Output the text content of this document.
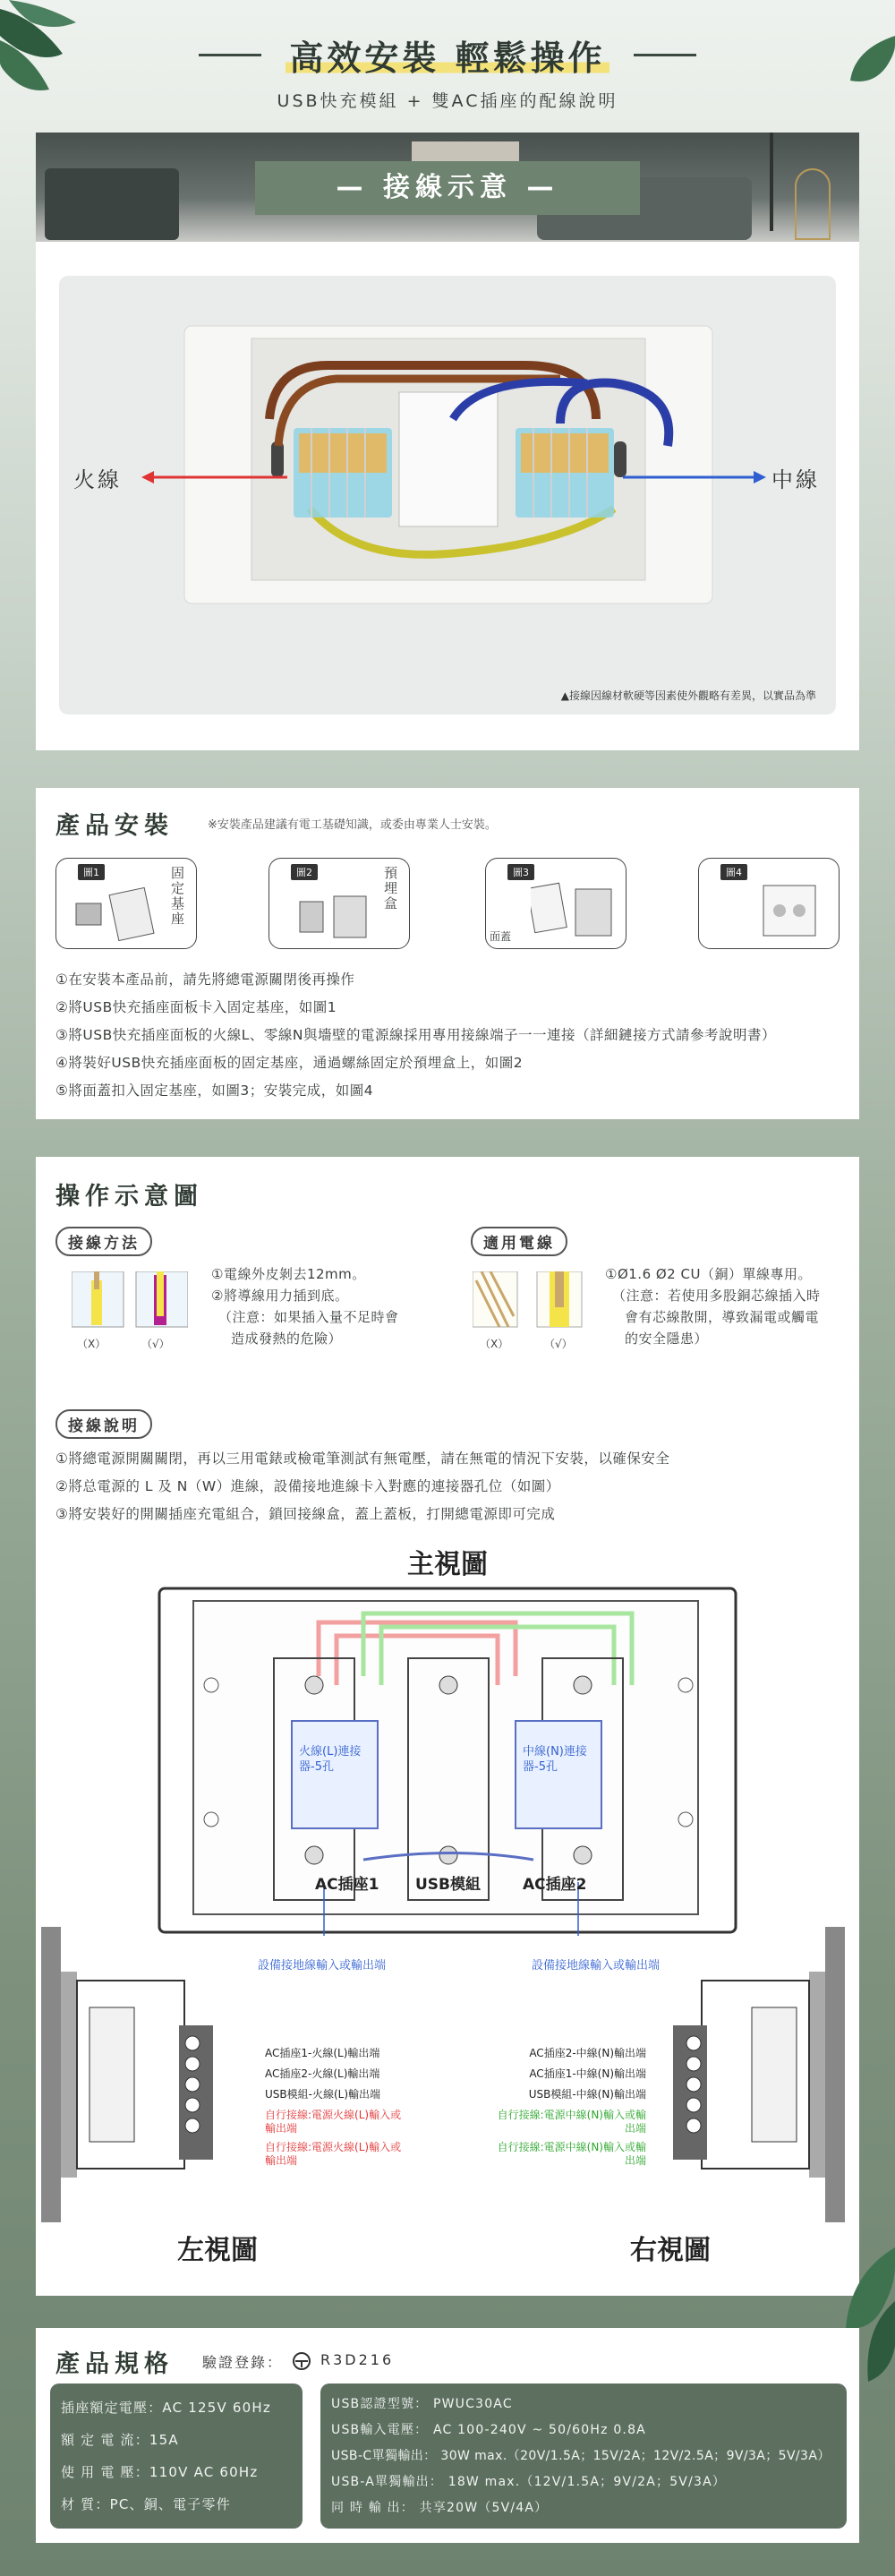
高效安裝 輕鬆操作
USB快充模組 + 雙AC插座的配線說明
— 接線示意 —
火線	中線
▲接線因線材軟硬等因素使外觀略有差異，以實品為準
產品安裝	※安裝產品建議有電工基礎知識，或委由專業人士安裝。
圖1	固定基座
圖2	預埋盒
圖3
面蓋
圖4
①在安裝本產品前，請先將總電源關閉後再操作
②將USB快充插座面板卡入固定基座，如圖1
③將USB快充插座面板的火線L、零線N與墻壁的電源線採用專用接線端子一一連接（詳細鏈接方式請參考說明書）
④將裝好USB快充插座面板的固定基座，通過螺絲固定於預埋盒上，如圖2
⑤將面蓋扣入固定基座，如圖3；安裝完成，如圖4
操作示意圖
接線方法
（X）	（√）
①電線外皮剝去12mm。
②將導線用力插到底。
（注意：如果插入量不足時會
造成發熱的危險）
適用電線
（X）	（√）
①Ø1.6 Ø2 CU（銅）單線專用。
（注意：若使用多股銅芯線插入時
會有芯線散開，導致漏電或觸電
的安全隱患）
接線說明
①將總電源開關關閉，再以三用電錶或檢電筆測試有無電壓，請在無電的情況下安裝，以確保安全
②將总電源的 L 及 N（W）進線，設備接地進線卡入對應的連接器孔位（如圖）
③將安裝好的開關插座充電組合，鎖回接線盒，蓋上蓋板，打開總電源即可完成
主視圖
火線(L)連接器-5孔
中線(N)連接器-5孔
AC插座1 USB模組	AC插座2
設備接地線輸入或輸出端	設備接地線輸入或輸出端
AC插座1-火線(L)輸出端
AC插座2-火線(L)輸出端
USB模組-火線(L)輸出端
自行接線:電源火線(L)輸入或輸出端
自行接線:電源火線(L)輸入或輸出端
AC插座2-中線(N)輸出端
AC插座1-中線(N)輸出端
USB模組-中線(N)輸出端
自行接線:電源中線(N)輸入或輸出端
自行接線:電源中線(N)輸入或輸出端
左視圖	右視圖
產品規格 驗證登錄：	R3D216
插座額定電壓：AC 125V 60Hz
額 定 電 流：15A
使 用 電 壓：110V AC 60Hz
材 質：PC、銅、電子零件
USB認證型號： PWUC30AC
USB輸入電壓： AC 100-240V ~ 50/60Hz 0.8A
USB-C單獨輸出： 30W max.（20V/1.5A；15V/2A；12V/2.5A；9V/3A；5V/3A）
USB-A單獨輸出： 18W max.（12V/1.5A；9V/2A；5V/3A）
同 時 輸 出： 共享20W（5V/4A）
